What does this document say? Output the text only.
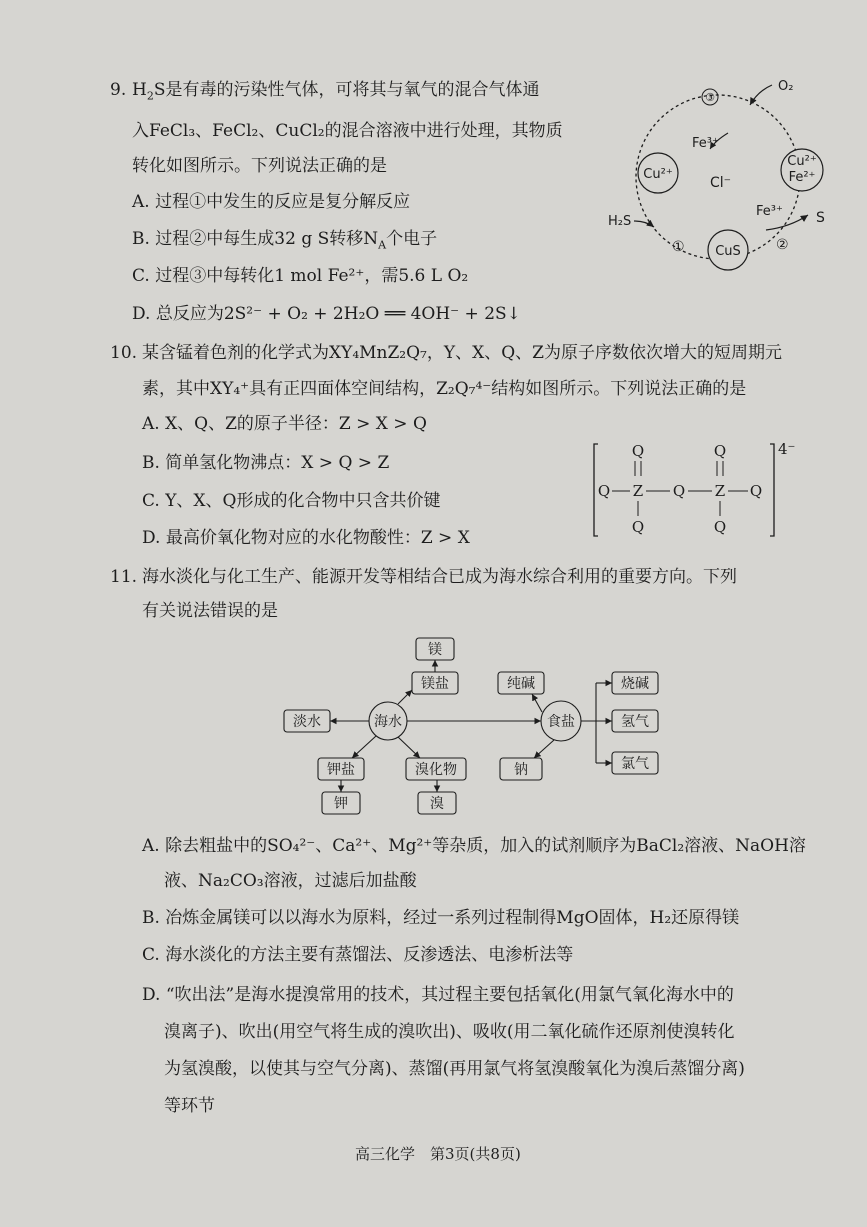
9. $H_2S$是有毒的污染性气体，可将其与氧气的混合气体通
入FeCl₃、FeCl₂、CuCl₂的混合溶液中进行处理，其物质
转化如图所示。下列说法正确的是
A. 过程①中发生的反应是复分解反应
B. 过程②中每生成32 g S转移$N_A$个电子
C. 过程③中每转化1 mol Fe²⁺，需5.6 L O₂
D. 总反应为2S²⁻ + O₂ + 2H₂O ══ 4OH⁻ + 2S↓
Cu²⁺
Cu²⁺
Fe²⁺
CuS
O₂
③
Fe³⁺
Cl⁻
Fe³⁺
H₂S
①
S
②
10. 某含锰着色剂的化学式为XY₄MnZ₂Q₇，Y、X、Q、Z为原子序数依次增大的短周期元
素，其中XY₄⁺具有正四面体空间结构，Z₂Q₇⁴⁻结构如图所示。下列说法正确的是
A. X、Q、Z的原子半径：Z > X > Q
B. 简单氢化物沸点：X > Q > Z
C. Y、X、Q形成的化合物中只含共价键
D. 最高价氧化物对应的水化物酸性：Z > X
4⁻
Q	Q
Q Z Q Z Q
Q	Q
11. 海水淡化与化工生产、能源开发等相结合已成为海水综合利用的重要方向。下列
有关说法错误的是
镁
镁盐	纯碱	烧碱
淡水	海水	食盐	氢气
钾盐	溴化物	钠	氯气
钾	溴
A. 除去粗盐中的SO₄²⁻、Ca²⁺、Mg²⁺等杂质，加入的试剂顺序为BaCl₂溶液、NaOH溶
液、Na₂CO₃溶液，过滤后加盐酸
B. 冶炼金属镁可以以海水为原料，经过一系列过程制得MgO固体，H₂还原得镁
C. 海水淡化的方法主要有蒸馏法、反渗透法、电渗析法等
D. “吹出法”是海水提溴常用的技术，其过程主要包括氧化(用氯气氧化海水中的
溴离子)、吹出(用空气将生成的溴吹出)、吸收(用二氧化硫作还原剂使溴转化
为氢溴酸，以使其与空气分离)、蒸馏(再用氯气将氢溴酸氧化为溴后蒸馏分离)
等环节
高三化学　第3页(共8页)
